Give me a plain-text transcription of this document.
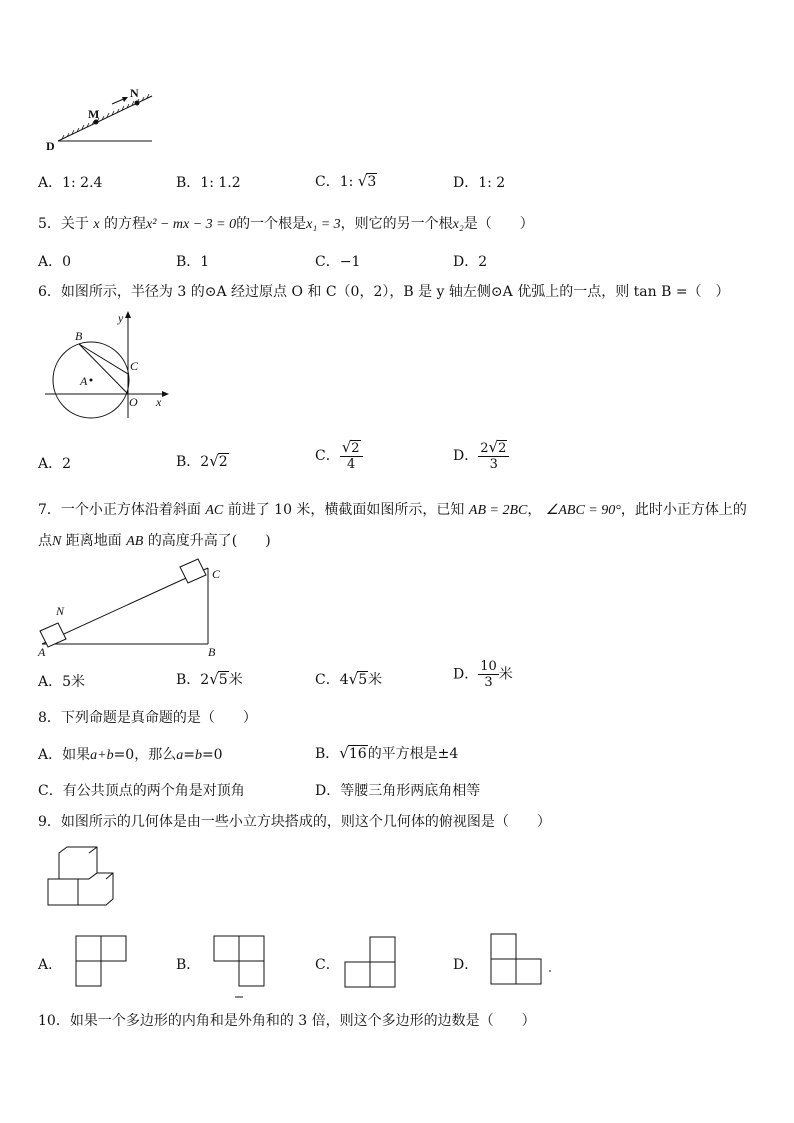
M
N
D
A．1: 2.4	B．1: 1.2	C．1: √3	D．1: 2
5．关于 x 的方程x² − mx − 3 = 0的一个根是x₁ = 3，则它的另一个根x₂是（　　）
A．0	B．1	C．−1	D．2
6．如图所示，半径为 3 的⊙A 经过原点 O 和 C（0，2），B 是 y 轴左侧⊙A 优弧上的一点，则 tan B =（　）
y
x
B
C
A
O
A．2	B．2√2	C． $\frac{√2}{4}$	D． $\frac{2√2}{3}$
7．一个小正方体沿着斜面 AC 前进了 10 米，横截面如图所示，已知 AB = 2BC， ∠ABC = 90°，此时小正方体上的
点N 距离地面 AB 的高度升高了(　　)
N
A	B
C
A．5米	B．2√5米	C．4√5米	D． $\frac{10}{3}$ 米
8．下列命题是真命题的是（　　）
A．如果a+b=0，那么a=b=0	B．√16的平方根是±4
C．有公共顶点的两个角是对顶角	D．等腰三角形两底角相等
9．如图所示的几何体是由一些小立方块搭成的，则这个几何体的俯视图是（　　）
A．	B．	C．	D．
10．如果一个多边形的内角和是外角和的 3 倍，则这个多边形的边数是（　　）
